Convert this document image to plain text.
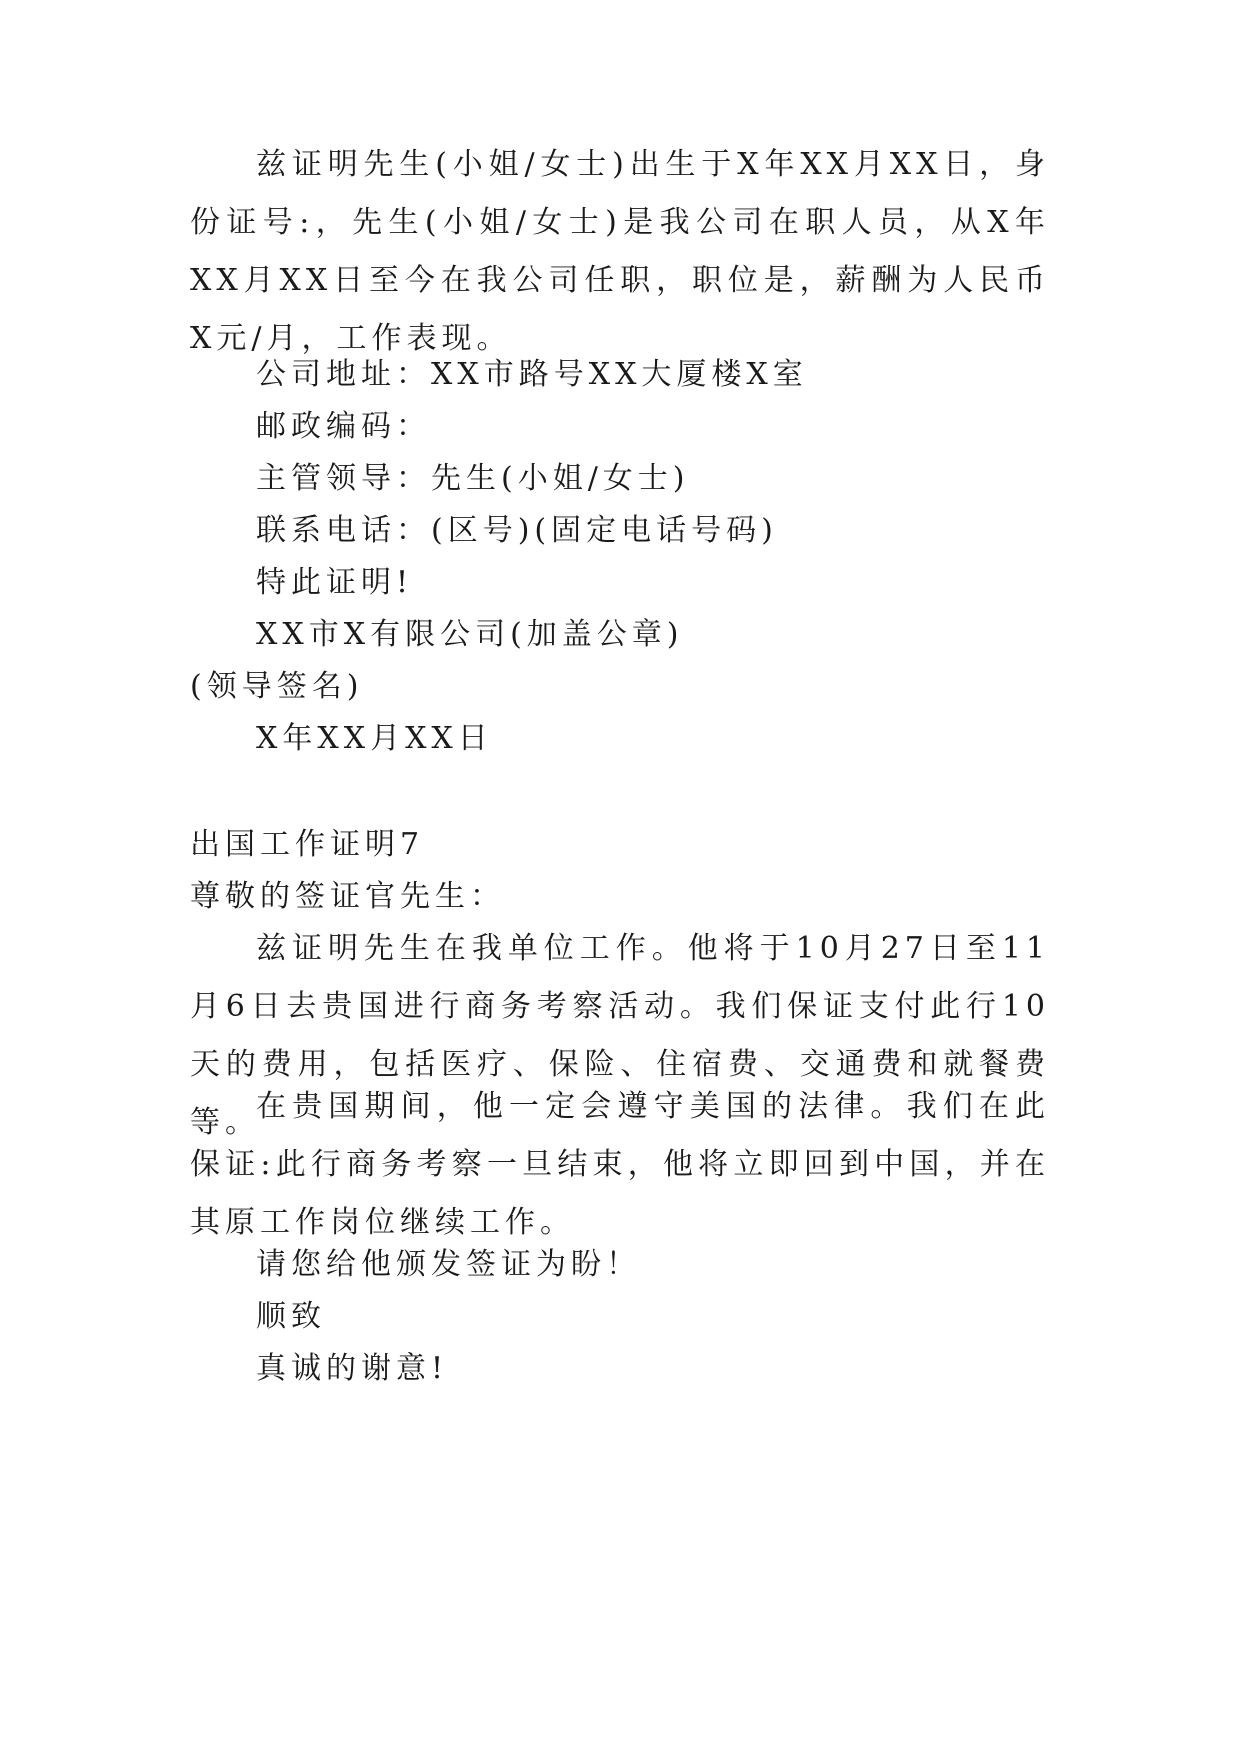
兹证明先生(小姐/女士)出生于X年XX月XX日，身份证号:，先生(小姐/女士)是我公司在职人员，从X年XX月XX日至今在我公司任职，职位是，薪酬为人民币X元/月，工作表现。

公司地址：XX市路号XX大厦楼X室

邮政编码：

主管领导：先生(小姐/女士)

联系电话：(区号)(固定电话号码)

特此证明!

XX市X有限公司(加盖公章)

(领导签名)

X年XX月XX日

出国工作证明7

尊敬的签证官先生：

兹证明先生在我单位工作。他将于10月27日至11月6日去贵国进行商务考察活动。我们保证支付此行10天的费用，包括医疗、保险、住宿费、交通费和就餐费等。

在贵国期间，他一定会遵守美国的法律。我们在此保证:此行商务考察一旦结束，他将立即回到中国，并在其原工作岗位继续工作。

请您给他颁发签证为盼！

顺致

真诚的谢意!
